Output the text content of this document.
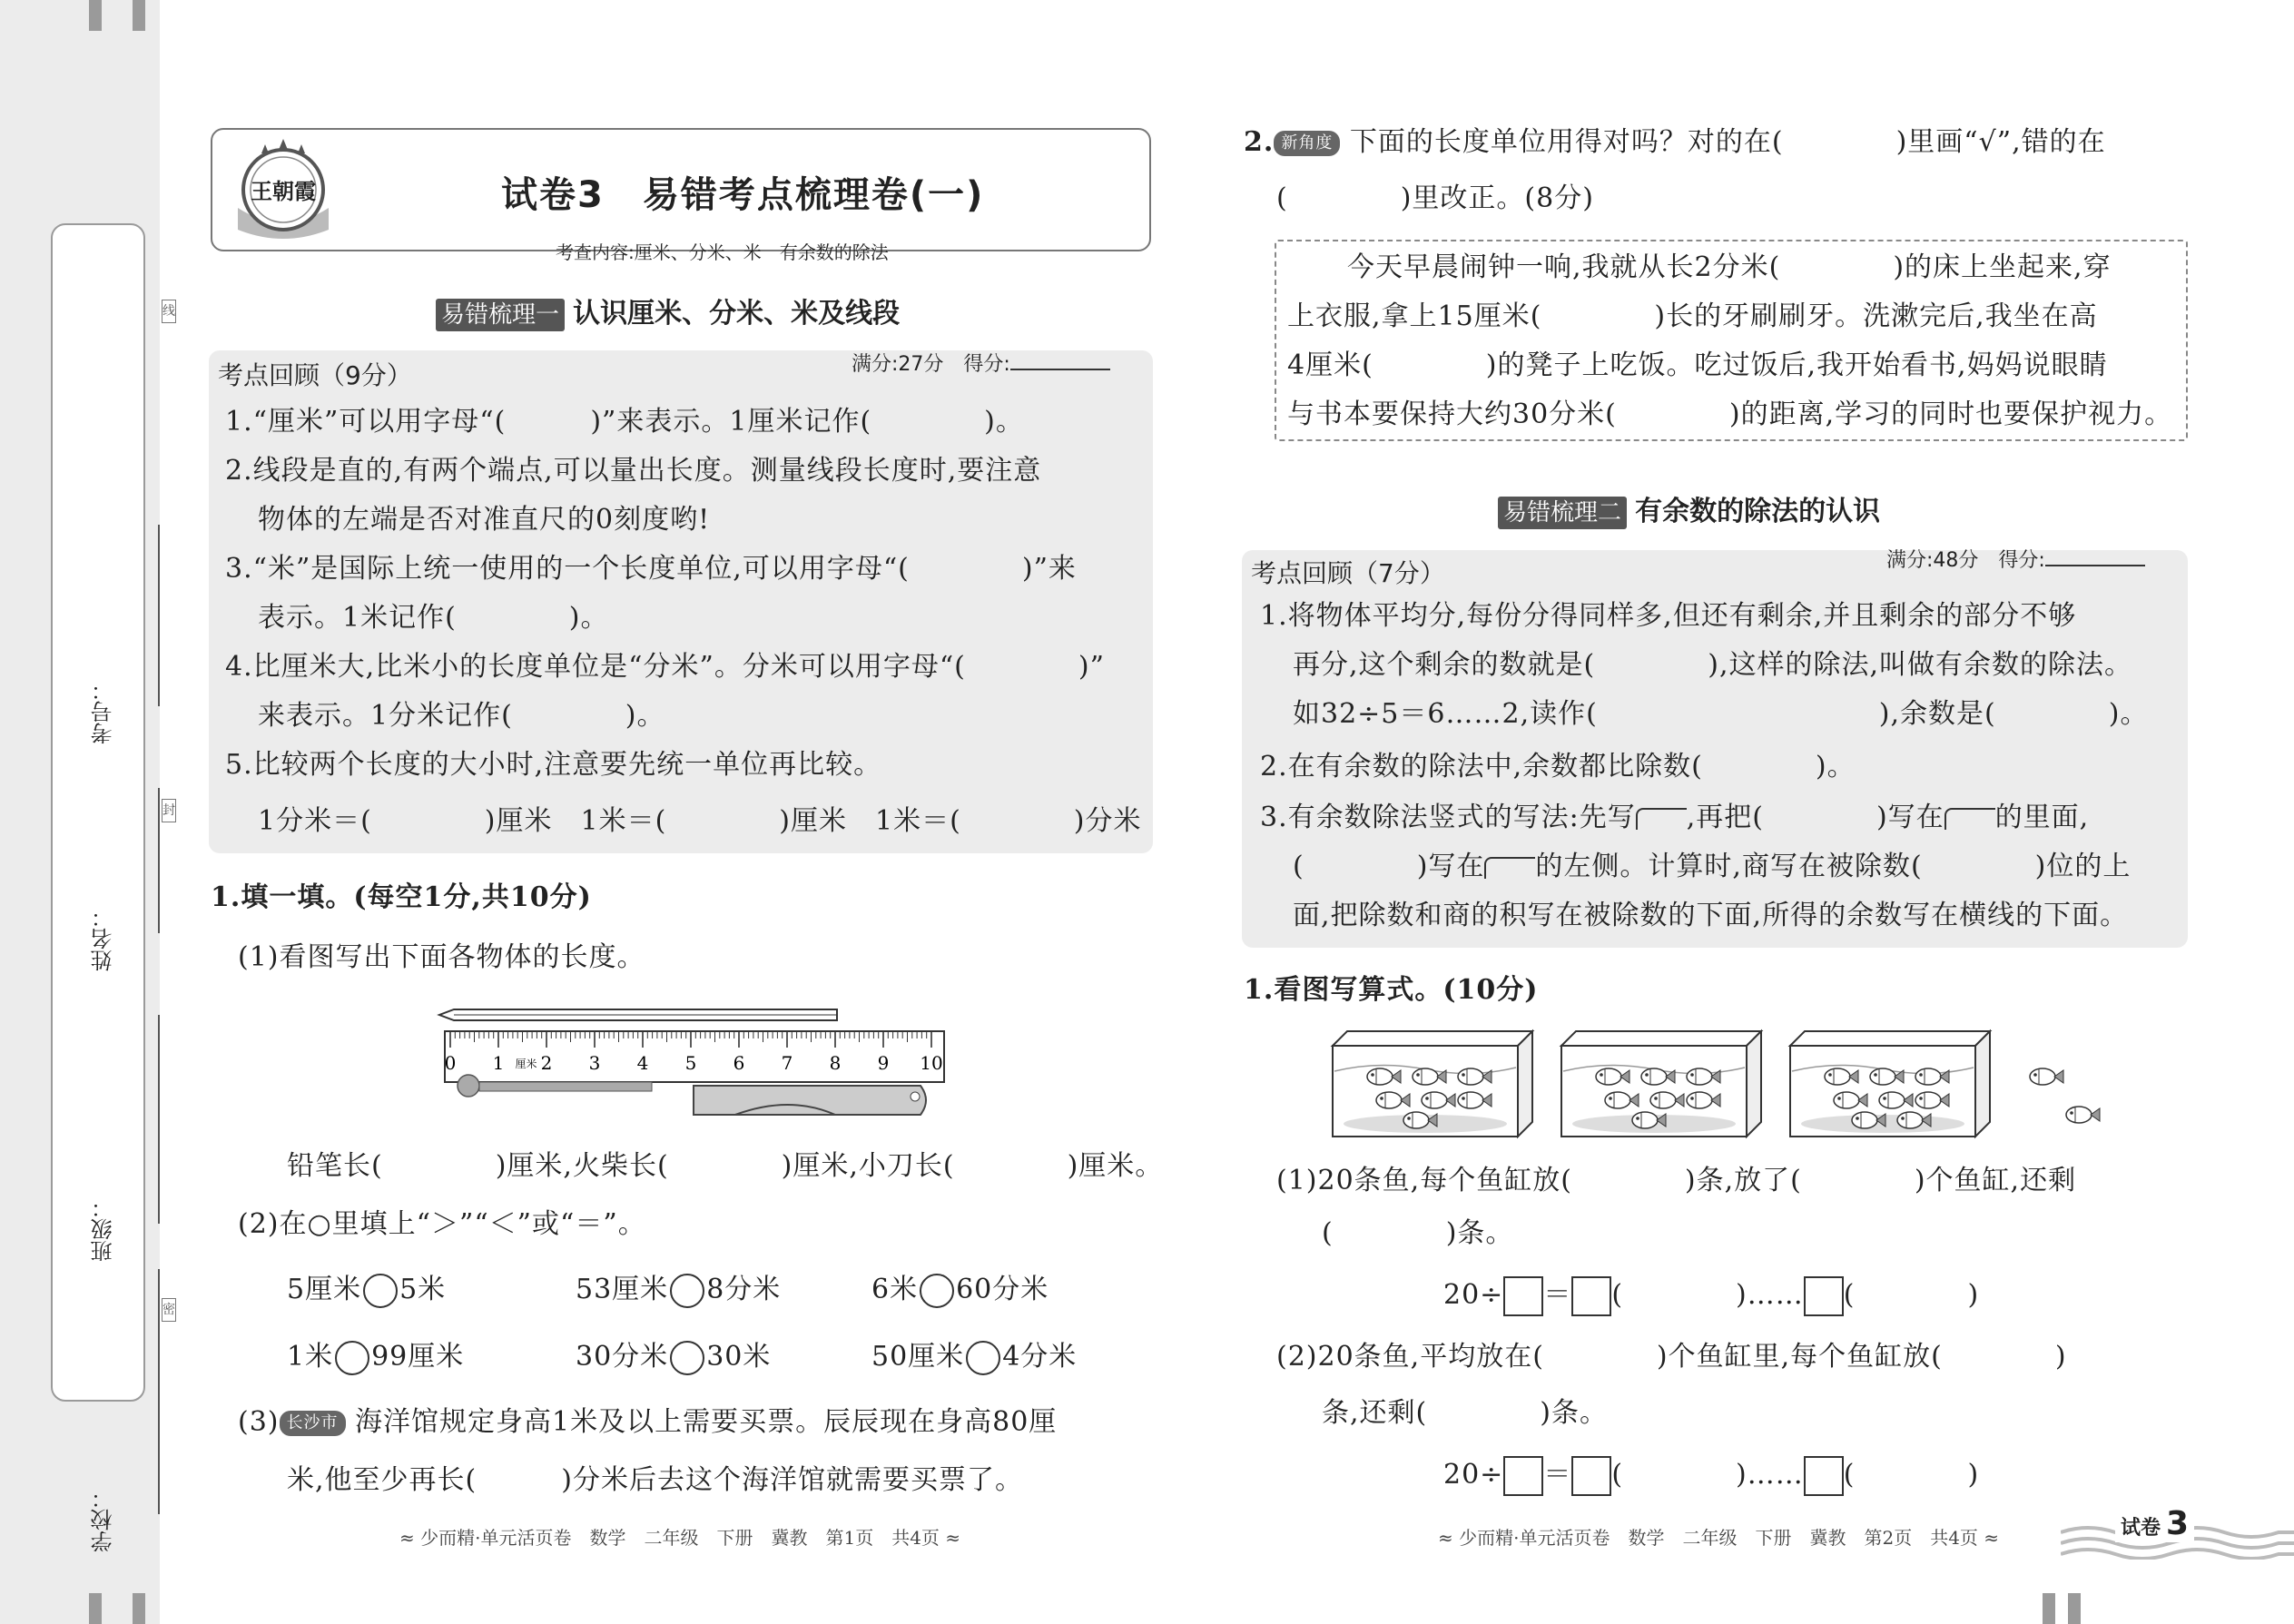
考号：
姓名：
班级：
学校：
线
封
密
王朝霞	试卷3　易错考点梳理卷(一)
考查内容:厘米、分米、米　有余数的除法
易错梳理一 认识厘米、分米、米及线段
考点回顾（9分）	满分:27分　得分:
1.“厘米”可以用字母“(　　　)”来表示。1厘米记作(　　　　)。
2.线段是直的,有两个端点,可以量出长度。测量线段长度时,要注意
物体的左端是否对准直尺的0刻度哟!
3.“米”是国际上统一使用的一个长度单位,可以用字母“(　　　　)”来
表示。1米记作(　　　　)。
4.比厘米大,比米小的长度单位是“分米”。分米可以用字母“(　　　　)”
来表示。1分米记作(　　　　)。
5.比较两个长度的大小时,注意要先统一单位再比较。
1分米＝(　　　　)厘米　1米＝(　　　　)厘米　1米＝(　　　　)分米
1.填一填。(每空1分,共10分)
(1)看图写出下面各物体的长度。
0 1 2 3 4 5 6 7 8 9 10
厘米
铅笔长(　　　　)厘米,火柴长(　　　　)厘米,小刀长(　　　　)厘米。
(2)在○里填上“＞”“＜”或“＝”。
5厘米 5米	53厘米 8分米	6米 60分米
1米 99厘米	30分米 30米	50厘米 4分米
(3) 长沙市 海洋馆规定身高1米及以上需要买票。辰辰现在身高80厘
米,他至少再长(　　　)分米后去这个海洋馆就需要买票了。
≈ 少而精·单元活页卷　数学　二年级　下册　冀教　第1页　共4页 ≈
2. 新角度 下面的长度单位用得对吗？对的在(　　　　)里画“√”,错的在
(　　　　)里改正。(8分)
今天早晨闹钟一响,我就从长2分米(　　　　)的床上坐起来,穿
上衣服,拿上15厘米(　　　　)长的牙刷刷牙。洗漱完后,我坐在高
4厘米(　　　　)的凳子上吃饭。吃过饭后,我开始看书,妈妈说眼睛
与书本要保持大约30分米(　　　　)的距离,学习的同时也要保护视力。
易错梳理二 有余数的除法的认识
考点回顾（7分）	满分:48分　得分:
1.将物体平均分,每份分得同样多,但还有剩余,并且剩余的部分不够
再分,这个剩余的数就是(　　　　),这样的除法,叫做有余数的除法。
如32÷5＝6……2,读作(　　　　　　　　　　),余数是(　　　　)。
2.在有余数的除法中,余数都比除数(　　　　)。
3.有余数除法竖式的写法:先写 ,再把(　　　　)写在 的里面,
(　　　　)写在 的左侧。计算时,商写在被除数(　　　　)位的上
面,把除数和商的积写在被除数的下面,所得的余数写在横线的下面。
1.看图写算式。(10分)
(1)20条鱼,每个鱼缸放(　　　　)条,放了(　　　　)个鱼缸,还剩
(　　　　)条。
20÷ ＝ (　　　　)…… (　　　　)
(2)20条鱼,平均放在(　　　　)个鱼缸里,每个鱼缸放(　　　　)
条,还剩(　　　　)条。
20÷ ＝ (　　　　)…… (　　　　)
≈ 少而精·单元活页卷　数学　二年级　下册　冀教　第2页　共4页 ≈	试卷 3
